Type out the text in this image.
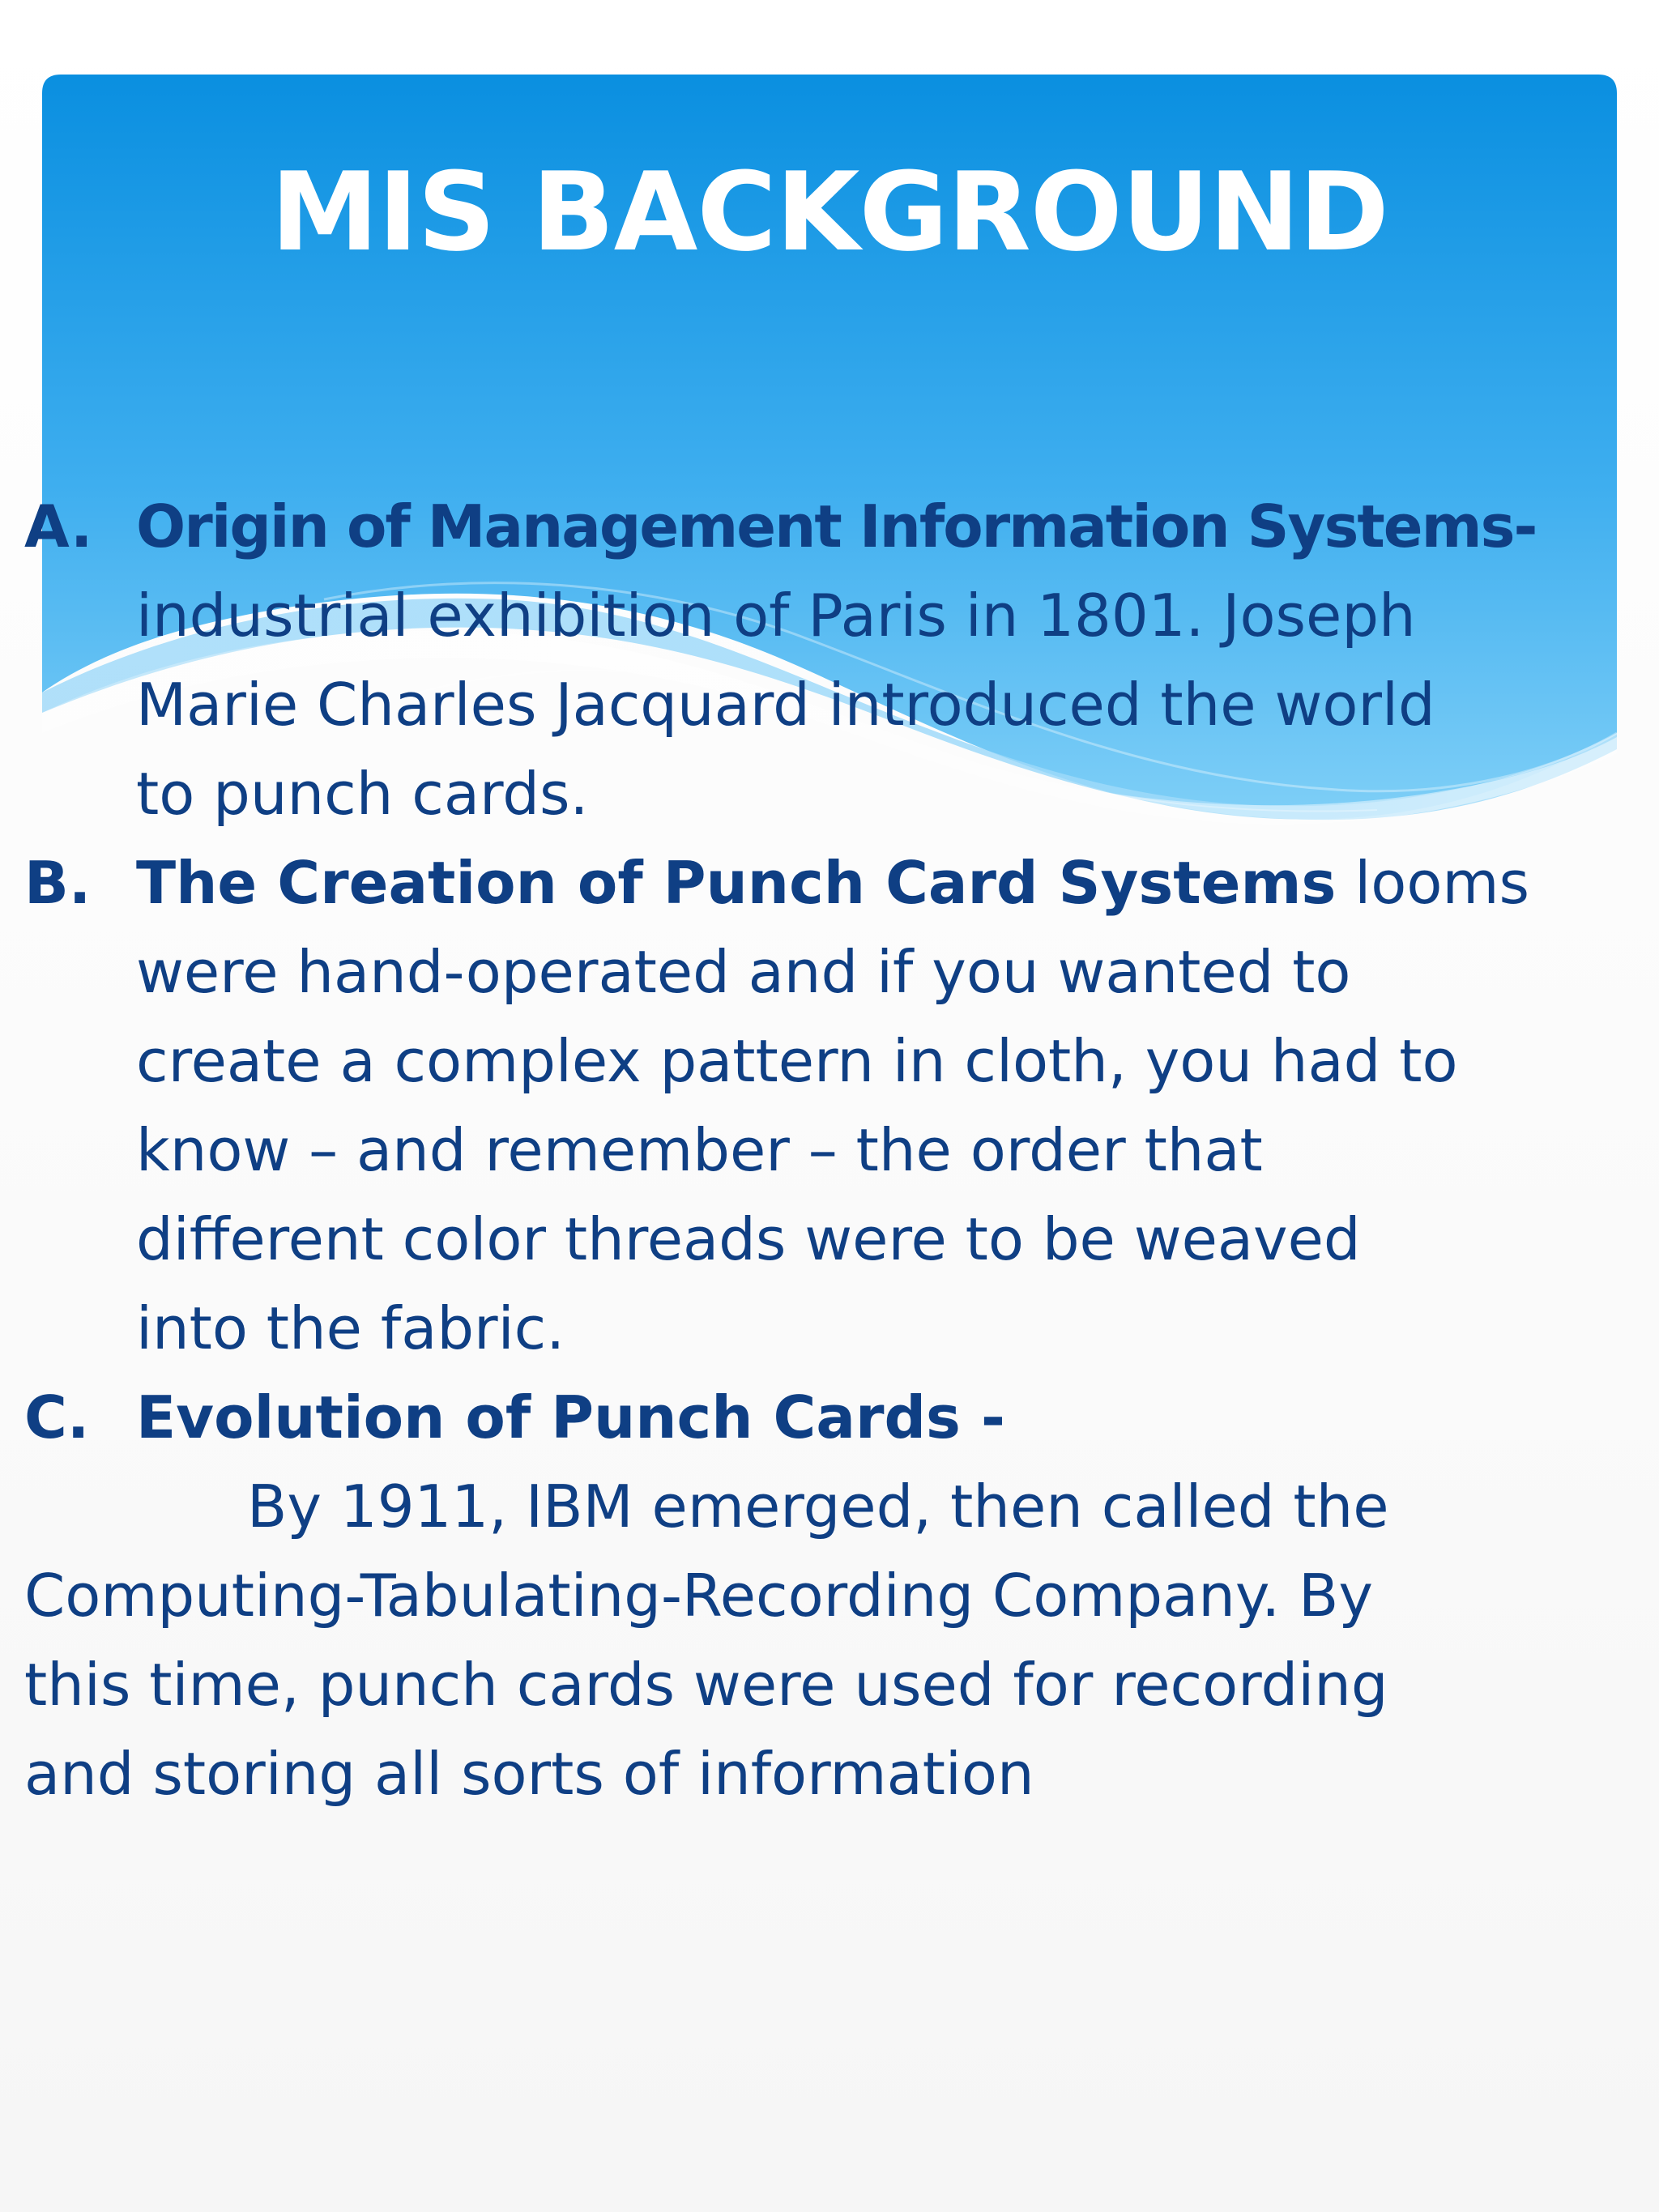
MIS BACKGROUND
A. Origin of Management Information Systems-
industrial exhibition of Paris in 1801. Joseph
Marie Charles Jacquard introduced the world
to punch cards.
B. The Creation of Punch Card Systems looms
were hand-operated and if you wanted to
create a complex pattern in cloth, you had to
know – and remember – the order that
different color threads were to be weaved
into the fabric.
C. Evolution of Punch Cards -
By 1911, IBM emerged, then called the
Computing-Tabulating-Recording Company. By
this time, punch cards were used for recording
and storing all sorts of information
